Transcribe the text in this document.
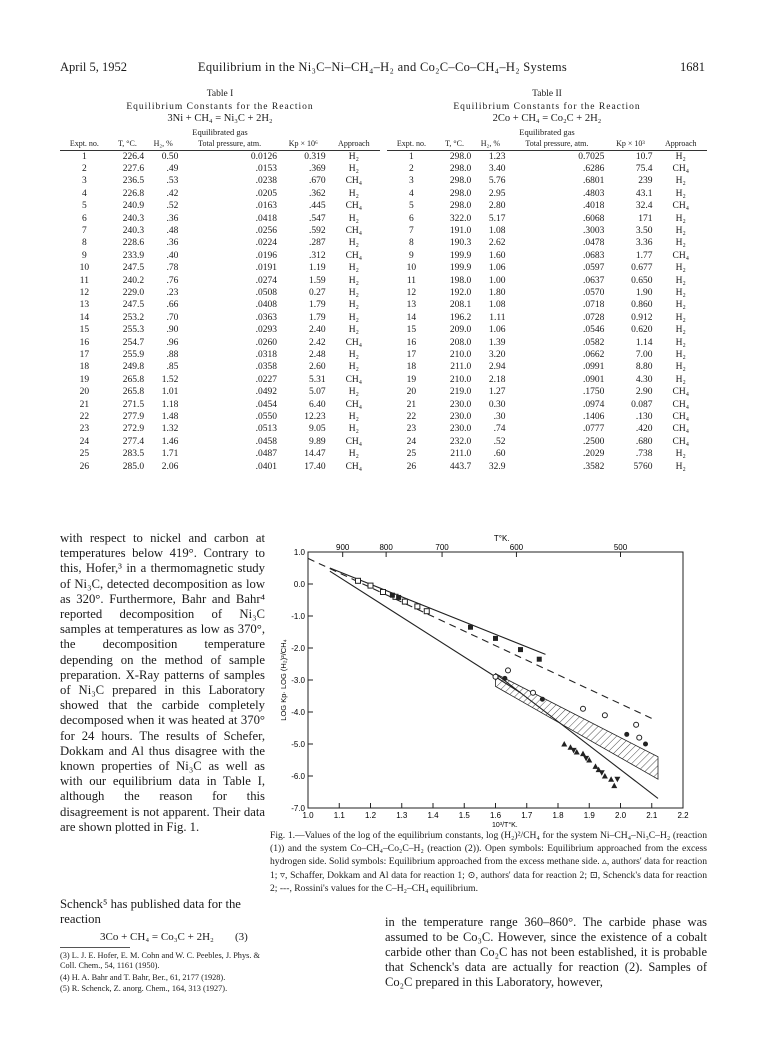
April 5, 1952	Equilibrium in the Ni₃C–Ni–CH₄–H₂ and Co₂C–Co–CH₄–H₂ Systems	1681
Table I
Equilibrium Constants for the Reaction
3Ni + CH₄ = Ni₃C + 2H₂
Equilibrated gas
Expt. no.	T, °C.	H₂, %	Total pressure, atm.	Kp × 10⁶	Approach
1	226.4	0.50	0.0126	0.319	H₂
2	227.6	.49	.0153	.369	H₂
3	236.5	.53	.0238	.670	CH₄
4	226.8	.42	.0205	.362	H₂
5	240.9	.52	.0163	.445	CH₄
6	240.3	.36	.0418	.547	H₂
7	240.3	.48	.0256	.592	CH₄
8	228.6	.36	.0224	.287	H₂
9	233.9	.40	.0196	.312	CH₄
10	247.5	.78	.0191	1.19	H₂
11	240.2	.76	.0274	1.59	H₂
12	229.0	.23	.0508	0.27	H₂
13	247.5	.66	.0408	1.79	H₂
14	253.2	.70	.0363	1.79	H₂
15	255.3	.90	.0293	2.40	H₂
16	254.7	.96	.0260	2.42	CH₄
17	255.9	.88	.0318	2.48	H₂
18	249.8	.85	.0358	2.60	H₂
19	265.8	1.52	.0227	5.31	CH₄
20	265.8	1.01	.0492	5.07	H₂
21	271.5	1.18	.0454	6.40	CH₄
22	277.9	1.48	.0550	12.23	H₂
23	272.9	1.32	.0513	9.05	H₂
24	277.4	1.46	.0458	9.89	CH₄
25	283.5	1.71	.0487	14.47	H₂
26	285.0	2.06	.0401	17.40	CH₄
Table II
Equilibrium Constants for the Reaction
2Co + CH₄ = Co₂C + 2H₂
Equilibrated gas
Expt. no.	T, °C.	H₂, %	Total pressure, atm.	Kp × 10³	Approach
1	298.0	1.23	0.7025	10.7	H₂
2	298.0	3.40	.6286	75.4	CH₄
3	298.0	5.76	.6801	239	H₂
4	298.0	2.95	.4803	43.1	H₂
5	298.0	2.80	.4018	32.4	CH₄
6	322.0	5.17	.6068	171	H₂
7	191.0	1.08	.3003	3.50	H₂
8	190.3	2.62	.0478	3.36	H₂
9	199.9	1.60	.0683	1.77	CH₄
10	199.9	1.06	.0597	0.677	H₂
11	198.0	1.00	.0637	0.650	H₂
12	192.0	1.80	.0570	1.90	H₂
13	208.1	1.08	.0718	0.860	H₂
14	196.2	1.11	.0728	0.912	H₂
15	209.0	1.06	.0546	0.620	H₂
16	208.0	1.39	.0582	1.14	H₂
17	210.0	3.20	.0662	7.00	H₂
18	211.0	2.94	.0991	8.80	H₂
19	210.0	2.18	.0901	4.30	H₂
20	219.0	1.27	.1750	2.90	CH₄
21	230.0	0.30	.0974	0.087	CH₄
22	230.0	.30	.1406	.130	CH₄
23	230.0	.74	.0777	.420	CH₄
24	232.0	.52	.2500	.680	CH₄
25	211.0	.60	.2029	.738	H₂
26	443.7	32.9	.3582	5760	H₂
with respect to nickel and carbon at temperatures below 419°. Contrary to this, Hofer,³ in a thermomagnetic study of Ni₃C, detected decomposition as low as 320°. Furthermore, Bahr and Bahr⁴ reported decomposition of Ni₃C samples at temperatures as low as 370°, the decomposition temperature depending on the method of sample preparation. X-Ray patterns of samples of Ni₃C prepared in this Laboratory showed that the carbide completely decomposed when it was heated at 370° for 24 hours. The results of Schefer, Dokkam and Al thus disagree with the known properties of Ni₃C as well as with our equilibrium data in Table I, although the reason for this disagreement is not apparent. Their data are shown plotted in Fig. 1.
Schenck⁵ has published data for the reaction
1.0	1.1	1.2	1.3	1.4	1.5	1.6	1.7	1.8	1.9	2.0	2.1	2.2
1.0
0.0
-1.0
-2.0
-3.0
-4.0
-5.0
-6.0
-7.0
900	800	700	600	500
T°K.
10³/T°K.
LOG Kp· LOG (H₂)²/CH₄
Fig. 1.—Values of the log of the equilibrium constants, log (H₂)²/CH₄ for the system Ni–CH₄–Ni₃C–H₂ (reaction (1)) and the system Co–CH₄–Co₂C–H₂ (reaction (2)). Open symbols: Equilibrium approached from the excess hydrogen side. Solid symbols: Equilibrium approached from the excess methane side. ▵, authors' data for reaction 1; ▿, Schaffer, Dokkam and Al data for reaction 1; ⊙, authors' data for reaction 2; ⊡, Schenck's data for reaction 2; ---, Rossini's values for the C–H₂–CH₄ equilibrium.
3Co + CH₄ = Co₃C + 2H₂	(3)
(3) L. J. E. Hofer, E. M. Cohn and W. C. Peebles, J. Phys. & Coll. Chem., 54, 1161 (1950).
(4) H. A. Bahr and T. Bahr, Ber., 61, 2177 (1928).
(5) R. Schenck, Z. anorg. Chem., 164, 313 (1927).
in the temperature range 360–860°. The carbide phase was assumed to be Co₃C. However, since the existence of a cobalt carbide other than Co₂C has not been established, it is probable that Schenck's data are actually for reaction (2). Samples of Co₂C prepared in this Laboratory, however,
